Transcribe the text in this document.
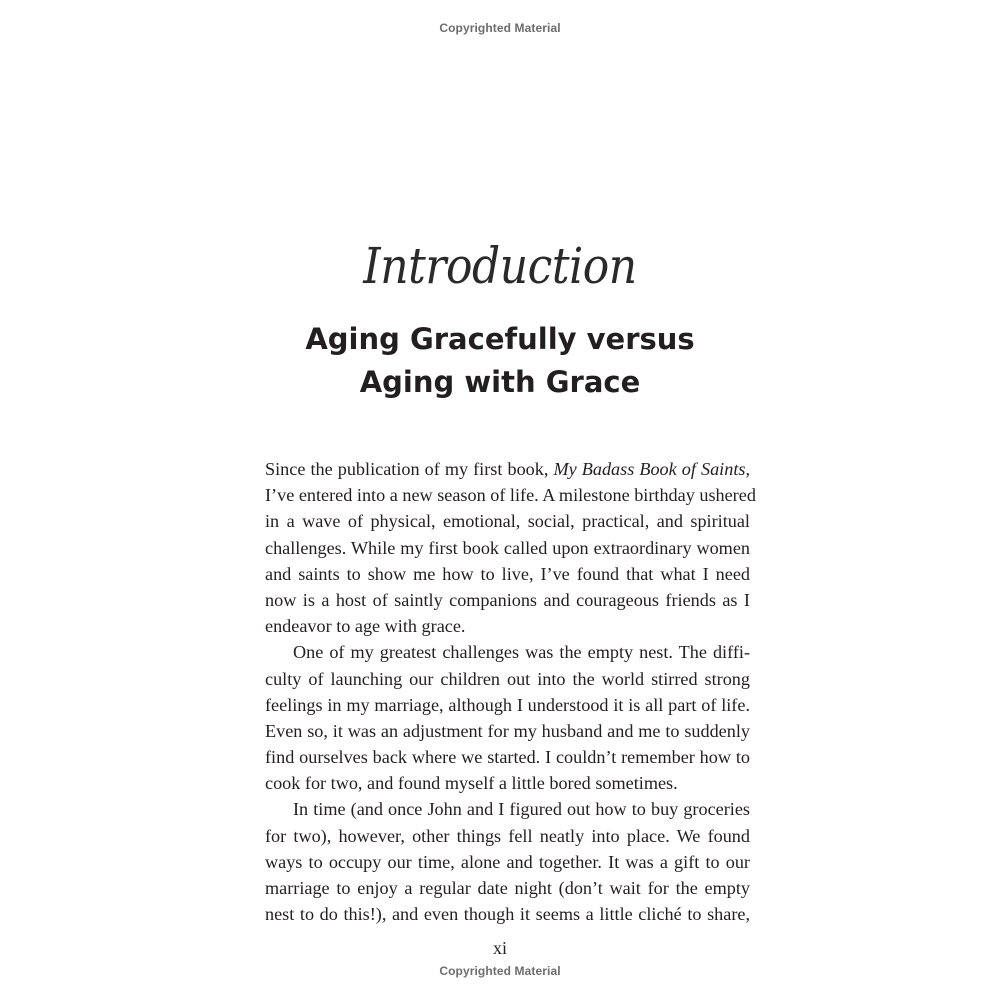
Copyrighted Material
Introduction
Aging Gracefully versus
Aging with Grace
Since the publication of my first book, My Badass Book of Saints,
I’ve entered into a new season of life. A milestone birthday ushered
in a wave of physical, emotional, social, practical, and spiritual
challenges. While my first book called upon extraordinary women
and saints to show me how to live, I’ve found that what I need
now is a host of saintly companions and courageous friends as I
endeavor to age with grace.
One of my greatest challenges was the empty nest. The diffi-
culty of launching our children out into the world stirred strong
feelings in my marriage, although I understood it is all part of life.
Even so, it was an adjustment for my husband and me to suddenly
find ourselves back where we started. I couldn’t remember how to
cook for two, and found myself a little bored sometimes.
In time (and once John and I figured out how to buy groceries
for two), however, other things fell neatly into place. We found
ways to occupy our time, alone and together. It was a gift to our
marriage to enjoy a regular date night (don’t wait for the empty
nest to do this!), and even though it seems a little cliché to share,
xi
Copyrighted Material
